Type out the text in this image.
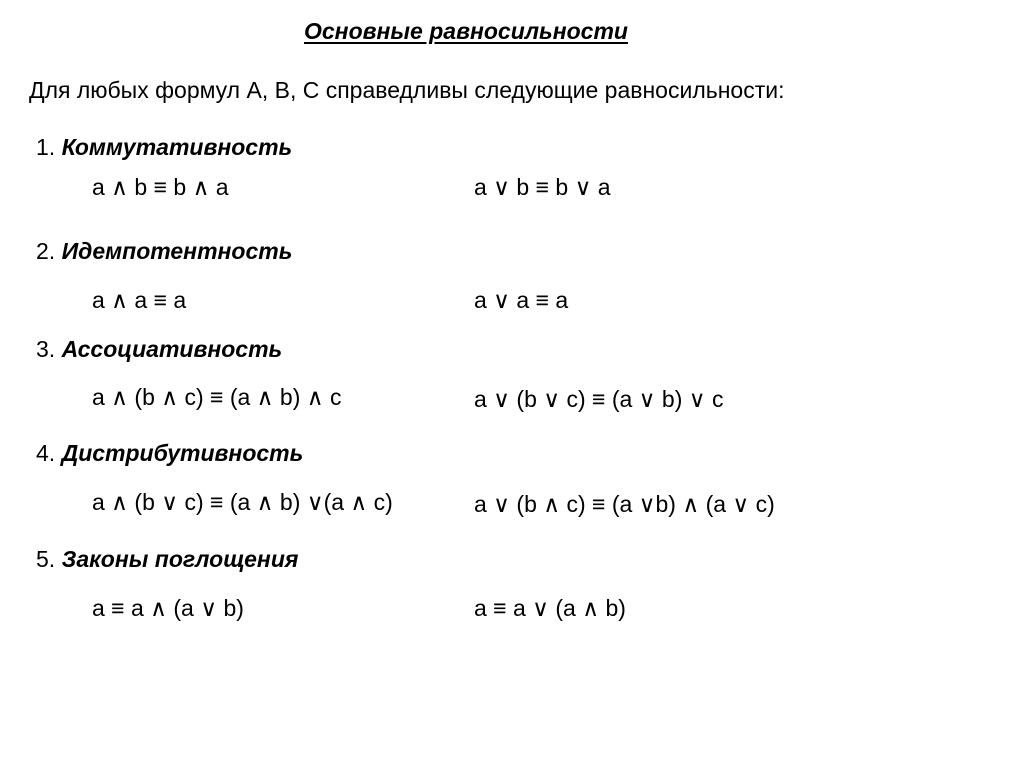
Основные равносильности
Для любых формул А, В, С справедливы следующие равносильности:
1. Коммутативность
a ∧ b ≡ b ∧ a	a ∨ b ≡ b ∨ a
2. Идемпотентность
a ∧ a ≡ a	a ∨ a ≡ a
3. Ассоциативность
a ∧ (b ∧ c) ≡ (a ∧ b) ∧ c	a ∨ (b ∨ c) ≡ (a ∨ b) ∨ c
4. Дистрибутивность
a ∧ (b ∨ c) ≡ (a ∧ b) ∨(a ∧ c)	a ∨ (b ∧ c) ≡ (a ∨b) ∧ (a ∨ c)
5. Законы поглощения
a ≡ a ∧ (a ∨ b)	a ≡ a ∨ (a ∧ b)
